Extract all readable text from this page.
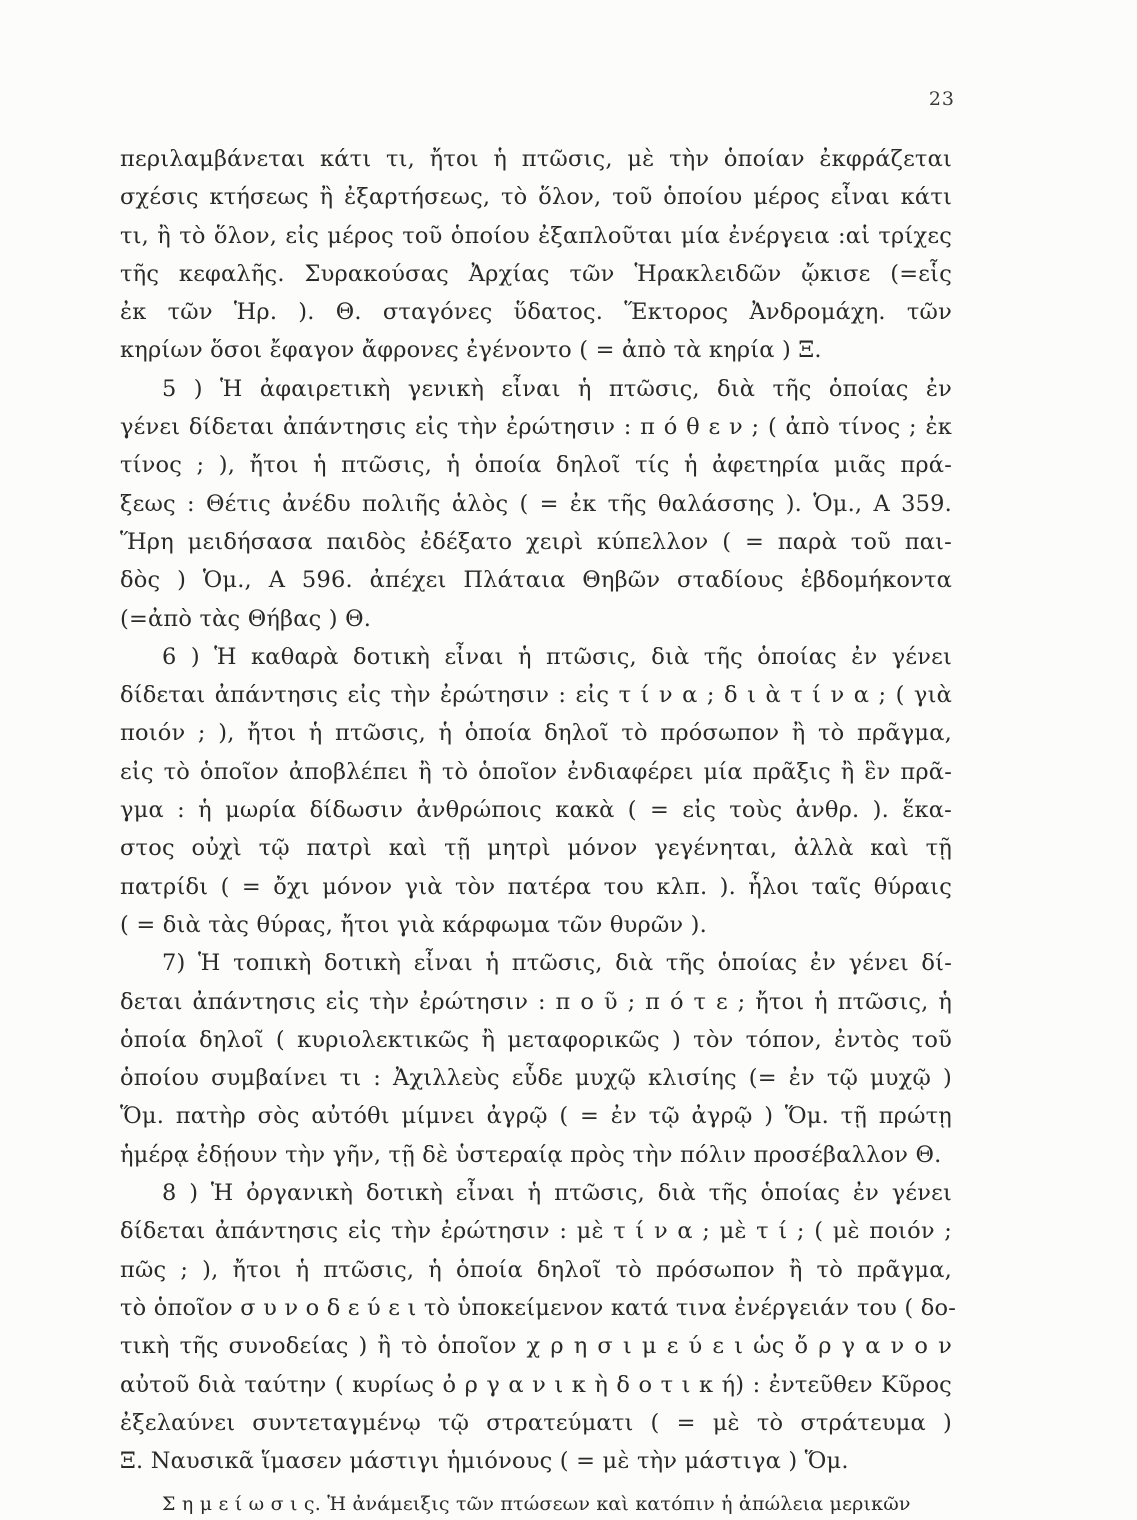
23
περιλαμβάνεται κάτι τι, ἤτοι ἡ πτῶσις, μὲ τὴν ὁποίαν ἐκφράζεται
σχέσις κτήσεως ἢ ἐξαρτήσεως, τὸ ὅλον, τοῦ ὁποίου μέρος εἶναι κάτι
τι, ἢ τὸ ὅλον, εἰς μέρος τοῦ ὁποίου ἐξαπλοῦται μία ἐνέργεια :αἱ τρίχες
τῆς κεφαλῆς. Συρακούσας Ἀρχίας τῶν Ἡρακλειδῶν ᾤκισε (=εἷς
ἐκ τῶν Ἡρ. ). Θ. σταγόνες ὕδατος. Ἕκτορος Ἀνδρομάχη. τῶν
κηρίων ὅσοι ἔφαγον ἄφρονες ἐγένοντο ( = ἀπὸ τὰ κηρία ) Ξ.
5 ) Ἡ ἀφαιρετικὴ γενικὴ εἶναι ἡ πτῶσις, διὰ τῆς ὁποίας ἐν
γένει δίδεται ἀπάντησις εἰς τὴν ἐρώτησιν : π ό θ ε ν ; ( ἀπὸ τίνος ; ἐκ
τίνος ; ), ἤτοι ἡ πτῶσις, ἡ ὁποία δηλοῖ τίς ἡ ἀφετηρία μιᾶς πρά-
ξεως : Θέτις ἀνέδυ πολιῆς ἁλὸς ( = ἐκ τῆς θαλάσσης ). Ὁμ., Α 359.
Ἥρη μειδήσασα παιδὸς ἐδέξατο χειρὶ κύπελλον ( = παρὰ τοῦ παι-
δὸς ) Ὁμ., Α 596. ἀπέχει Πλάταια Θηβῶν σταδίους ἑβδομήκοντα
(=ἀπὸ τὰς Θήβας ) Θ.
6 ) Ἡ καθαρὰ δοτικὴ εἶναι ἡ πτῶσις, διὰ τῆς ὁποίας ἐν γένει
δίδεται ἀπάντησις εἰς τὴν ἐρώτησιν : εἰς τ ί ν α ; δ ι ὰ τ ί ν α ; ( γιὰ
ποιόν ; ), ἤτοι ἡ πτῶσις, ἡ ὁποία δηλοῖ τὸ πρόσωπον ἢ τὸ πρᾶγμα,
εἰς τὸ ὁποῖον ἀποβλέπει ἢ τὸ ὁποῖον ἐνδιαφέρει μία πρᾶξις ἢ ἓν πρᾶ-
γμα : ἡ μωρία δίδωσιν ἀνθρώποις κακὰ ( = εἰς τοὺς ἀνθρ. ). ἕκα-
στος οὐχὶ τῷ πατρὶ καὶ τῇ μητρὶ μόνον γεγένηται, ἀλλὰ καὶ τῇ
πατρίδι ( = ὄχι μόνον γιὰ τὸν πατέρα του κλπ. ). ἧλοι ταῖς θύραις
( = διὰ τὰς θύρας, ἤτοι γιὰ κάρφωμα τῶν θυρῶν ).
7) Ἡ τοπικὴ δοτικὴ εἶναι ἡ πτῶσις, διὰ τῆς ὁποίας ἐν γένει δί-
δεται ἀπάντησις εἰς τὴν ἐρώτησιν : π ο ῦ ; π ό τ ε ; ἤτοι ἡ πτῶσις, ἡ
ὁποία δηλοῖ ( κυριολεκτικῶς ἢ μεταφορικῶς ) τὸν τόπον, ἐντὸς τοῦ
ὁποίου συμβαίνει τι : Ἀχιλλεὺς εὗδε μυχῷ κλισίης (= ἐν τῷ μυχῷ )
Ὅμ. πατὴρ σὸς αὐτόθι μίμνει ἀγρῷ ( = ἐν τῷ ἀγρῷ ) Ὅμ. τῇ πρώτῃ
ἡμέρᾳ ἐδῄουν τὴν γῆν, τῇ δὲ ὑστεραίᾳ πρὸς τὴν πόλιν προσέβαλλον Θ.
8 ) Ἡ ὀργανικὴ δοτικὴ εἶναι ἡ πτῶσις, διὰ τῆς ὁποίας ἐν γένει
δίδεται ἀπάντησις εἰς τὴν ἐρώτησιν : μὲ τ ί ν α ; μὲ τ ί ; ( μὲ ποιόν ;
πῶς ; ), ἤτοι ἡ πτῶσις, ἡ ὁποία δηλοῖ τὸ πρόσωπον ἢ τὸ πρᾶγμα,
τὸ ὁποῖον σ υ ν ο δ ε ύ ε ι τὸ ὑποκείμενον κατά τινα ἐνέργειάν του ( δο-
τικὴ τῆς συνοδείας ) ἢ τὸ ὁποῖον χ ρ η σ ι μ ε ύ ε ι ὡς ὄ ρ γ α ν ο ν
αὐτοῦ διὰ ταύτην ( κυρίως ὀ ρ γ α ν ι κ ὴ δ ο τ ι κ ή) : ἐντεῦθεν Κῦρος
ἐξελαύνει συντεταγμένῳ τῷ στρατεύματι ( = μὲ τὸ στράτευμα )
Ξ. Ναυσικᾶ ἵμασεν μάστιγι ἡμιόνους ( = μὲ τὴν μάστιγα ) Ὅμ.
Σ η μ ε ί ω σ ι ς. Ἡ ἀνάμειξις τῶν πτώσεων καὶ κατόπιν ἡ ἀπώλεια μερικῶν
